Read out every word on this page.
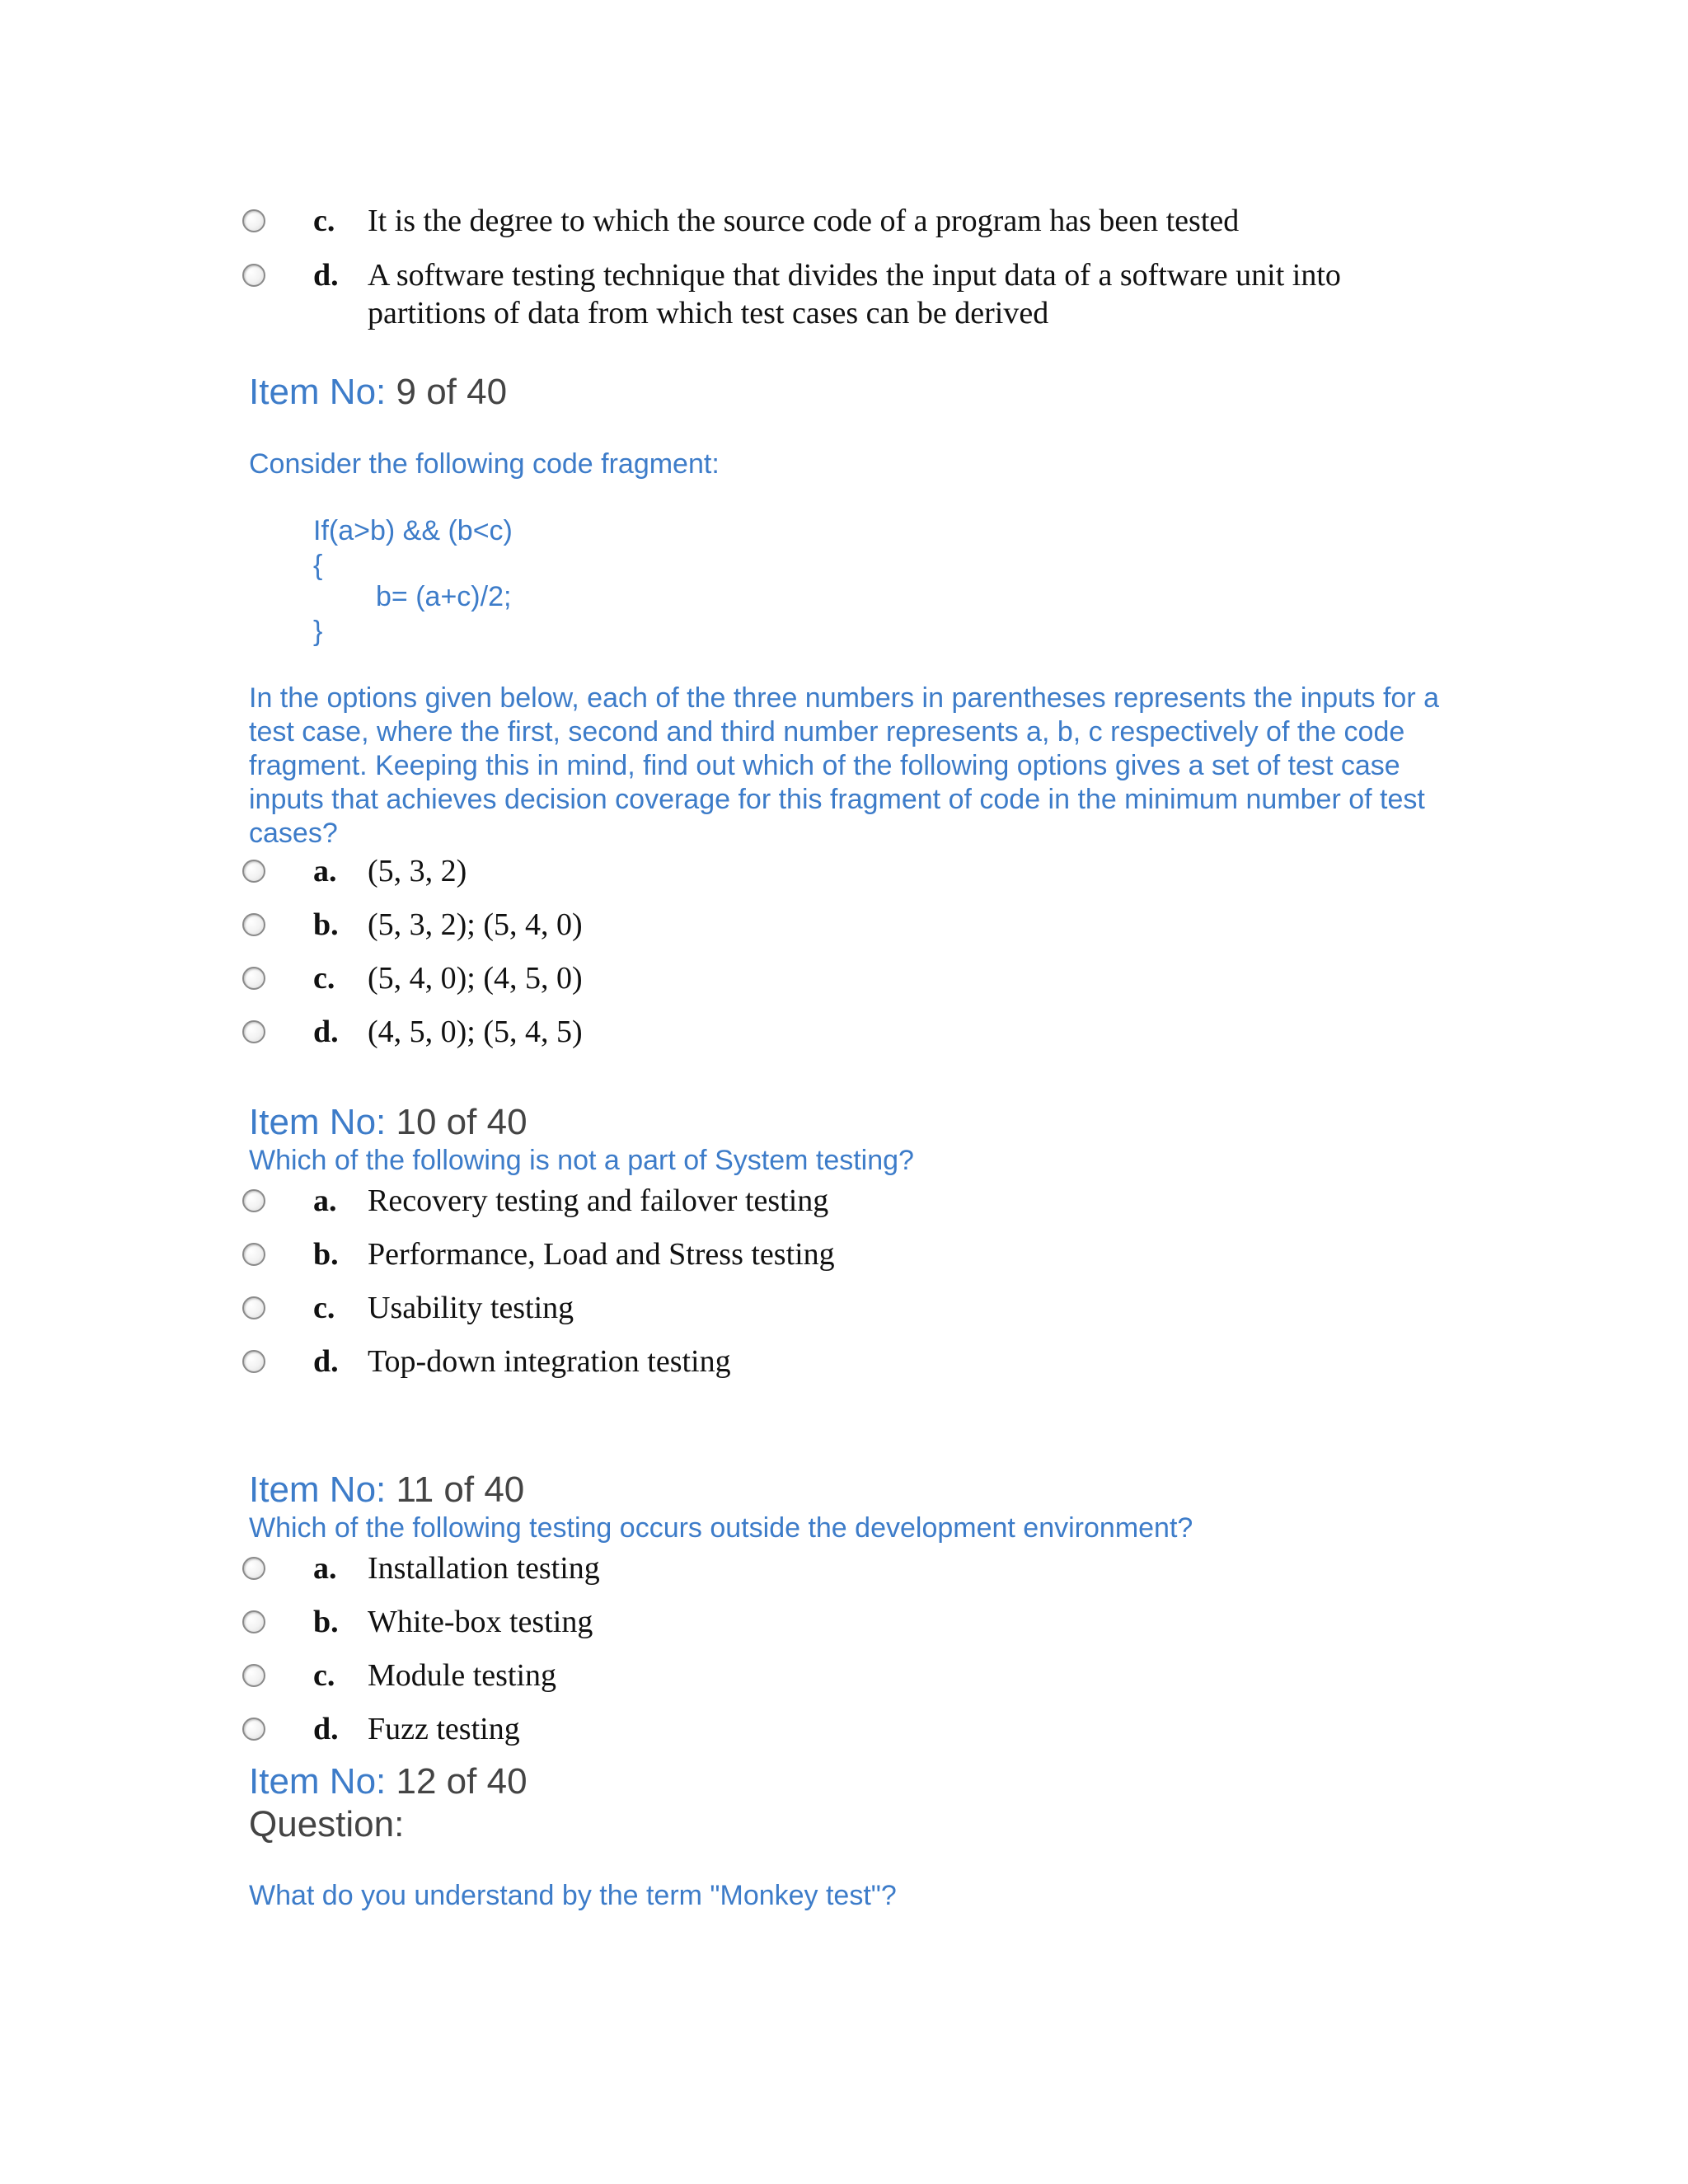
c. It is the degree to which the source code of a program has been tested
d. A software testing technique that divides the input data of a software unit into partitions of data from which test cases can be derived
Item No: 9 of 40
Consider the following code fragment:
If(a>b) && (b<c)
{
b= (a+c)/2;
}
In the options given below, each of the three numbers in parentheses represents the inputs for a test case, where the first, second and third number represents a, b, c respectively of the code fragment. Keeping this in mind, find out which of the following options gives a set of test case inputs that achieves decision coverage for this fragment of code in the minimum number of test cases?
a. (5, 3, 2)
b. (5, 3, 2); (5, 4, 0)
c. (5, 4, 0); (4, 5, 0)
d. (4, 5, 0); (5, 4, 5)
Item No: 10 of 40
Which of the following is not a part of System testing?
a. Recovery testing and failover testing
b. Performance, Load and Stress testing
c. Usability testing
d. Top-down integration testing
Item No: 11 of 40
Which of the following testing occurs outside the development environment?
a. Installation testing
b. White-box testing
c. Module testing
d. Fuzz testing
Item No: 12 of 40
Question:
What do you understand by the term "Monkey test"?
